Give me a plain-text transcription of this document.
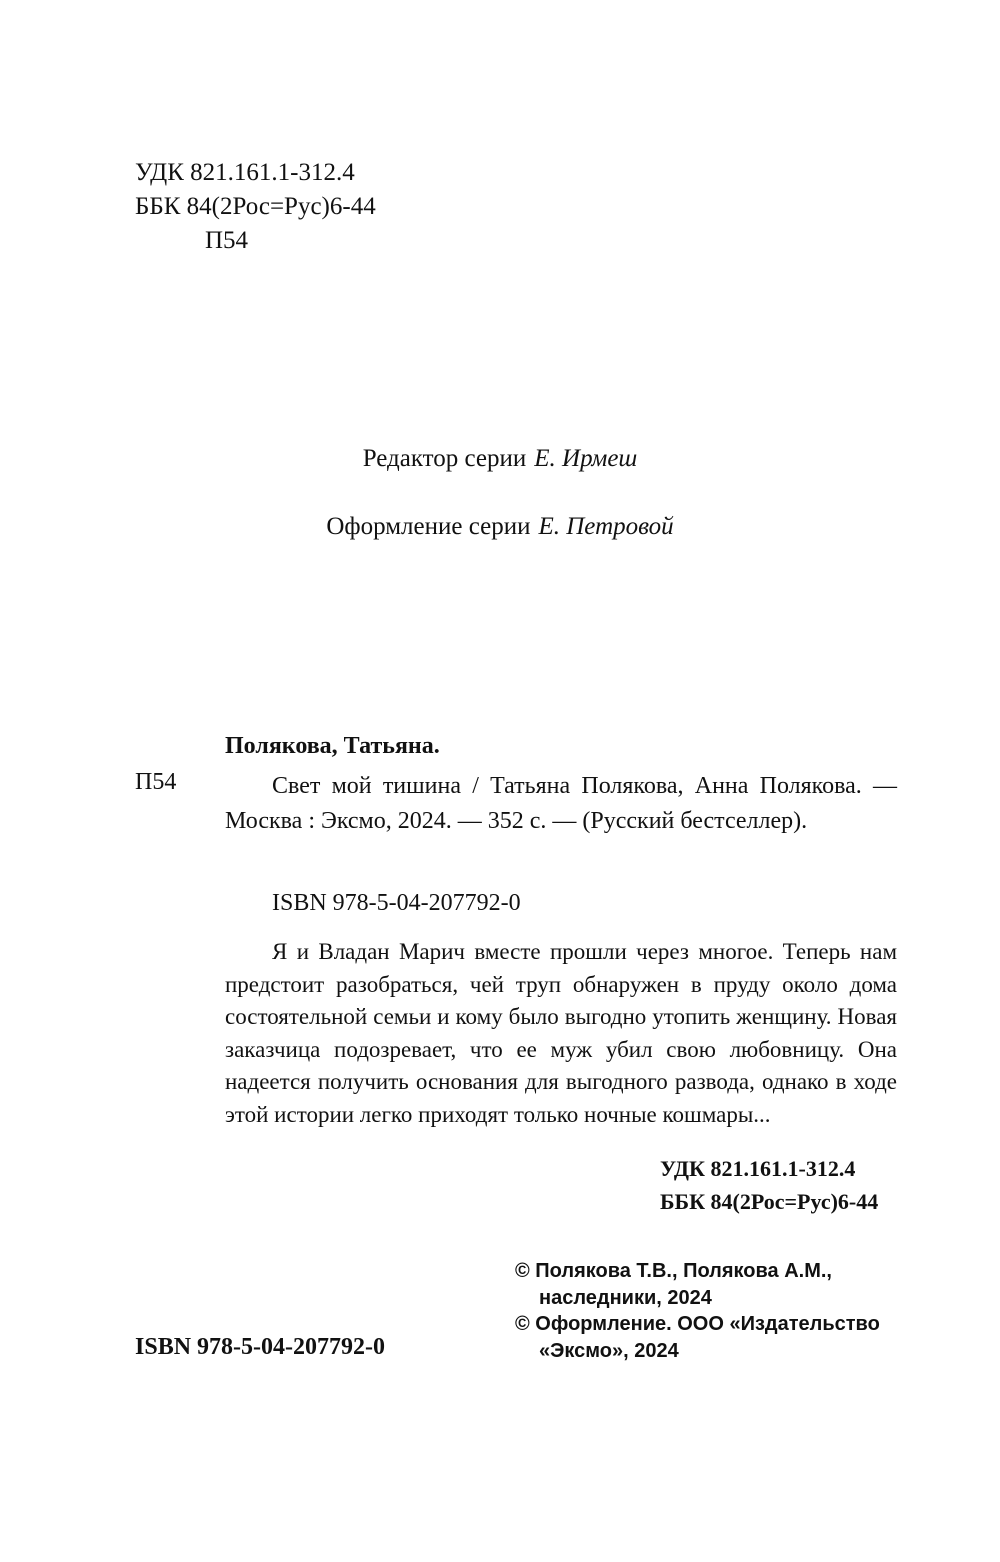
УДК 821.161.1-312.4
ББК 84(2Рос=Рус)6-44
П54
Редактор серии Е. Ирмеш
Оформление серии Е. Петровой
Полякова, Татьяна.
П54	Свет мой тишина / Татьяна Полякова, Анна Полякова. — Москва : Эксмо, 2024. — 352 с. — (Русский бестселлер).
ISBN 978-5-04-207792-0
Я и Владан Марич вместе прошли через многое. Теперь нам предстоит разобраться, чей труп обнаружен в пруду около дома состоятельной семьи и кому было выгодно утопить женщину. Новая заказчица подозревает, что ее муж убил свою любовницу. Она надеется получить основания для выгодного развода, однако в ходе этой истории легко приходят только ночные кошмары...
УДК 821.161.1-312.4
ББК 84(2Рос=Рус)6-44
© Полякова Т.В., Полякова А.М.,
наследники, 2024
© Оформление. ООО «Издательство
«Эксмо», 2024
ISBN 978-5-04-207792-0
